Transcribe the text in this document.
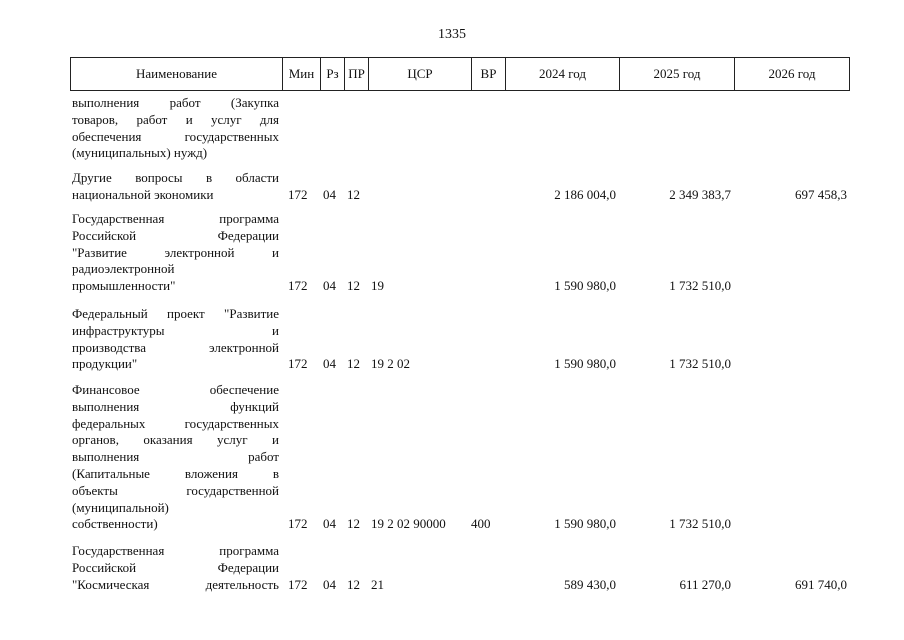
1335
Наименование	Мин Рз ПР	ЦСР	ВР	2024 год	2025 год	2026 год
выполнения работ (Закупка
товаров, работ и услуг для
обеспечения государственных
(муниципальных) нужд)
Другие вопросы в области
национальной экономики	172 04 12	2 186 004,0	2 349 383,7	697 458,3
Государственная программа
Российской Федерации
"Развитие электронной и
радиоэлектронной
промышленности"	172 04 12 19	1 590 980,0	1 732 510,0
Федеральный проект "Развитие
инфраструктуры и
производства электронной
продукции"	172 04 12 19 2 02	1 590 980,0	1 732 510,0
Финансовое обеспечение
выполнения функций
федеральных государственных
органов, оказания услуг и
выполнения работ
(Капитальные вложения в
объекты государственной
(муниципальной)
собственности)	172 04 12 19 2 02 90000 400	1 590 980,0	1 732 510,0
Государственная программа
Российской Федерации
"Космическая деятельность 172 04 12 21	589 430,0	611 270,0	691 740,0
